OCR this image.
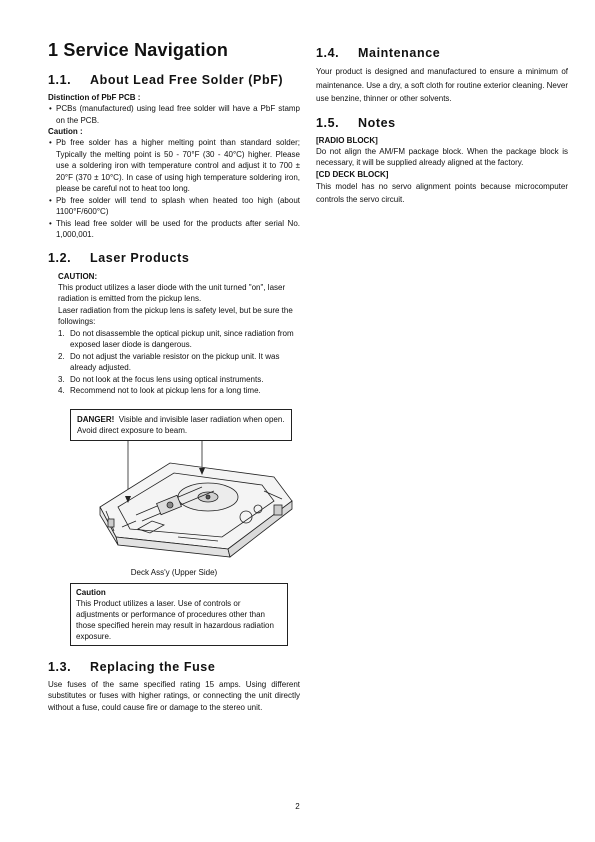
1 Service Navigation
1.1. About Lead Free Solder (PbF)
Distinction of PbF PCB :
• PCBs (manufactured) using lead free solder will have a PbF stamp on the PCB.
Caution :
• Pb free solder has a higher melting point than standard solder; Typically the melting point is 50 - 70°F (30 - 40°C) higher. Please use a soldering iron with temperature control and adjust it to 700 ± 20°F (370 ± 10°C). In case of using high temperature soldering iron, please be careful not to heat too long.
• Pb free solder will tend to splash when heated too high (about 1100°F/600°C)
• This lead free solder will be used for the products after serial No. 1,000,001.
1.2. Laser Products
CAUTION:

This product utilizes a laser diode with the unit turned "on", laser radiation is emitted from the pickup lens.

Laser radiation from the pickup lens is safety level, but be sure the followings:

1. Do not disassemble the optical pickup unit, since radiation from exposed laser diode is dangerous.
2. Do not adjust the variable resistor on the pickup unit. It was already adjusted.
3. Do not look at the focus lens using optical instruments.
4. Recommend not to look at pickup lens for a long time.
DANGER! Visible and invisible laser radiation when open. Avoid direct exposure to beam.
Deck Ass'y (Upper Side)
Caution
This Product utilizes a laser. Use of controls or adjustments or performance of procedures other than those specified herein may result in hazardous radiation exposure.
1.3. Replacing the Fuse

Use fuses of the same specified rating 15 amps. Using different substitutes or fuses with higher ratings, or connecting the unit directly without a fuse, could cause fire or damage to the stereo unit.

1.4. Maintenance

Your product is designed and manufactured to ensure a minimum of maintenance. Use a dry, a soft cloth for routine exterior cleaning. Never use benzine, thinner or other solvents.

1.5. Notes
[RADIO BLOCK]

Do not align the AM/FM package block. When the package block is necessary, it will be supplied already aligned at the factory.

[CD DECK BLOCK]

This model has no servo alignment points because microcomputer controls the servo circuit.

2
